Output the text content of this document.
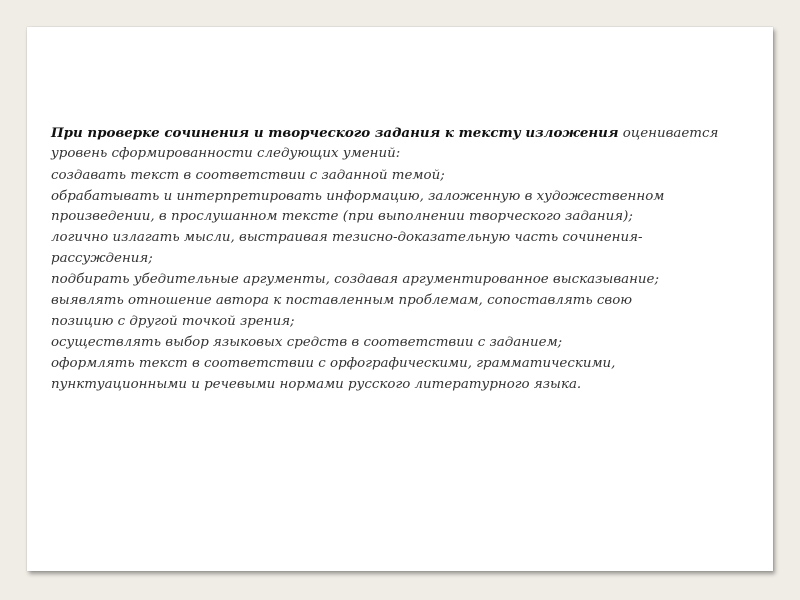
При проверке сочинения и творческого задания к тексту изложения оценивается
уровень сформированности следующих умений:
создавать текст в соответствии с заданной темой;
обрабатывать и интерпретировать информацию, заложенную в художественном
произведении, в прослушанном тексте (при выполнении творческого задания);
логично излагать мысли, выстраивая тезисно-доказательную часть сочинения-
рассуждения;
подбирать убедительные аргументы, создавая аргументированное высказывание;
выявлять отношение автора к поставленным проблемам, сопоставлять свою
позицию с другой точкой зрения;
осуществлять выбор языковых средств в соответствии с заданием;
оформлять текст в соответствии с орфографическими, грамматическими,
пунктуационными и речевыми нормами русского литературного языка.
